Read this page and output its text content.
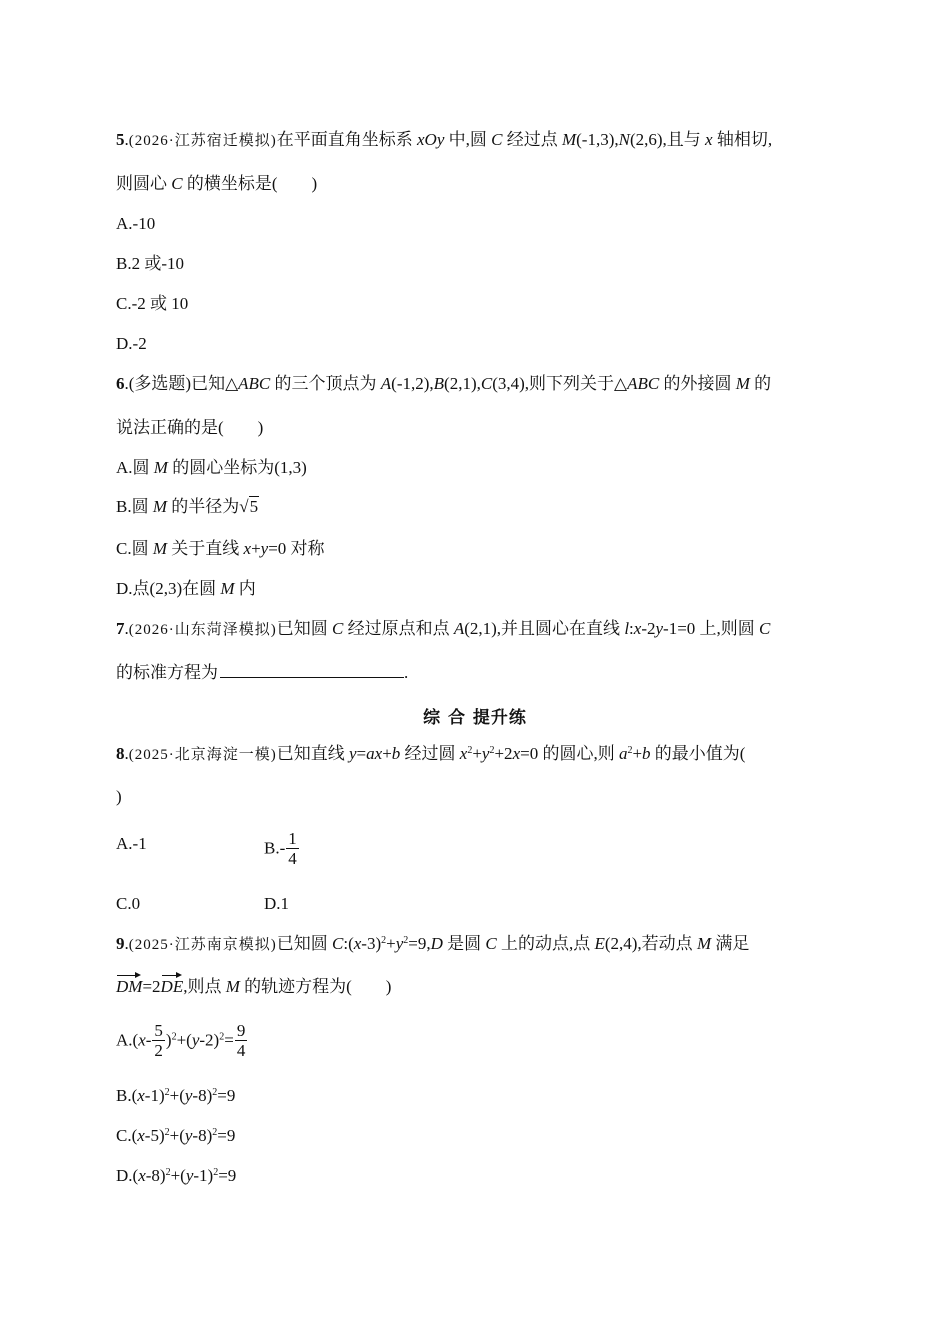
5.(2026·江苏宿迁模拟)在平面直角坐标系 xOy 中,圆 C 经过点 M(-1,3),N(2,6),且与 x 轴相切,
则圆心 C 的横坐标是(　　)
A.-10
B.2 或-10
C.-2 或 10
D.-2
6.(多选题)已知△ABC 的三个顶点为 A(-1,2),B(2,1),C(3,4),则下列关于△ABC 的外接圆 M 的
说法正确的是(　　)
A.圆 M 的圆心坐标为(1,3)
B.圆 M 的半径为√5
C.圆 M 关于直线 x+y=0 对称
D.点(2,3)在圆 M 内
7.(2026·山东菏泽模拟)已知圆 C 经过原点和点 A(2,1),并且圆心在直线 l:x-2y-1=0 上,则圆 C
的标准方程为	.
综 合 提升练
8.(2025·北京海淀一模)已知直线 y=ax+b 经过圆 $x^2+y^2+2x=0$ 的圆心,则 $a^2+b$ 的最小值为(
)
A.-1	$B.- \frac{1}{4}$
C.0	D.1
9.(2025·江苏南京模拟)已知圆 $C:(x-3)^2+y^2=9,D$ 是圆 C 上的动点,点 E(2,4),若动点 M 满足
DM=2DE,则点 M 的轨迹方程为(　　)
$A.(x- \frac{5}{2} )^2+(y-2)^2= \frac{9}{4}$
$B.(x-1)^2+(y-8)^2=9$
$C.(x-5)^2+(y-8)^2=9$
$D.(x-8)^2+(y-1)^2=9$
